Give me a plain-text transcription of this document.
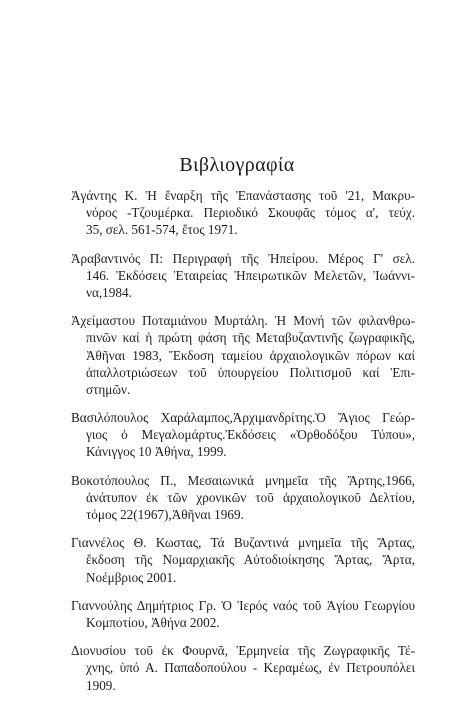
Βιβλιογραφία
Ἀγάντης Κ. Ἡ ἔναρξη τῆς Ἐπανάστασης τοῦ '21, Μακρυ-
νόρος -Τζουμέρκα. Περιοδικό Σκουφᾶς τόμος α', τεύχ.
35, σελ. 561-574, ἔτος 1971.
Ἀραβαντινός Π: Περιγραφὴ τῆς Ἠπείρου. Μέρος Γ' σελ.
146. Ἐκδόσεις Ἑταιρείας Ἠπειρωτικῶν Μελετῶν, Ἰωάννι-
να,1984.
Ἀχείμαστου Ποταμιάνου Μυρτάλη. Ἡ Μονή τῶν φιλανθρω-
πινῶν καί ἡ πρώτη φάση τῆς Μεταβυζαντινῆς ζωγραφικῆς,
Ἀθῆναι 1983, Ἔκδοση ταμείου ἀρχαιολογικῶν πόρων καί
ἀπαλλοτριώσεων τοῦ ὑπουργείου Πολιτισμοῦ καί Ἐπι-
στημῶν.
Βασιλόπουλος Χαράλαμπος,Ἀρχιμανδρίτης.Ὁ Ἅγιος Γεώρ-
γιος ὁ Μεγαλομάρτυς.Ἐκδόσεις «Ὀρθοδόξου Τύπου»,
Κάνιγγος 10 Ἀθήνα, 1999.
Βοκοτόπουλος Π., Μεσαιωνικά μνημεῖα τῆς Ἄρτης,1966,
ἀνάτυπον ἐκ τῶν χρονικῶν τοῦ ἀρχαιολογικοῦ Δελτίου,
τόμος 22(1967),Ἀθῆναι 1969.
Γιαννέλος Θ. Κωστας, Τά Βυζαντινά μνημεῖα τῆς Ἄρτας,
ἔκδοση τῆς Νομαρχιακῆς Αὐτοδιοίκησης Ἄρτας, Ἄρτα,
Νοέμβριος 2001.
Γιαννούλης Δημήτριος Γρ. Ὁ Ἱερός ναός τοῦ Ἁγίου Γεωργίου
Κομποτίου, Ἀθήνα 2002.
Διονυσίου τοῦ ἐκ Φουρνᾶ, Ἑρμηνεία τῆς Ζωγραφικῆς Τέ-
χνης, ὑπό Α. Παπαδοπούλου - Κεραμέως, ἐν Πετρουπόλει
1909.
